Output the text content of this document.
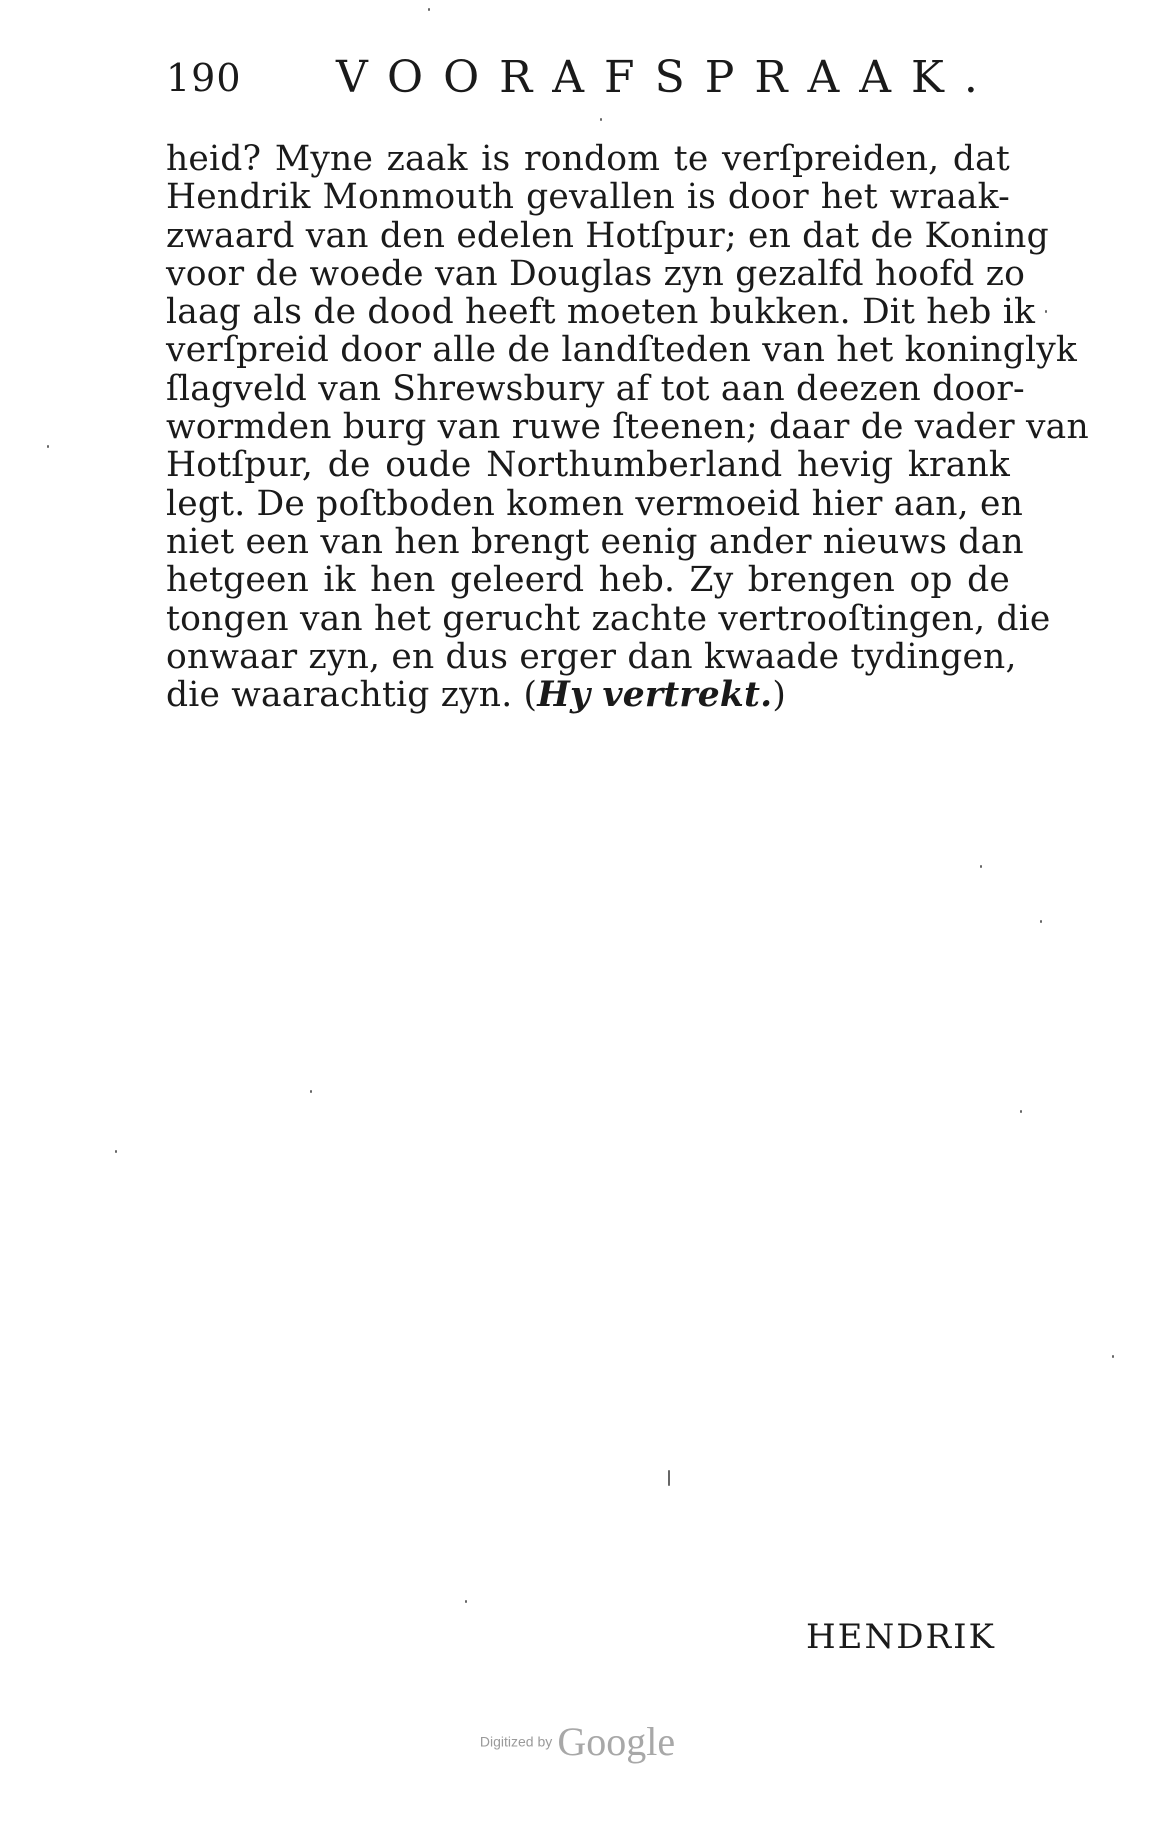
190 VOORAFSPRAAK.
heid? Myne zaak is rondom te verſpreiden, dat
Hendrik Monmouth gevallen is door het wraak-
zwaard van den edelen Hotſpur; en dat de Koning
voor de woede van Douglas zyn gezalfd hoofd zo
laag als de dood heeft moeten bukken. Dit heb ik
verſpreid door alle de landſteden van het koninglyk
ſlagveld van Shrewsbury af tot aan deezen door-
wormden burg van ruwe ſteenen; daar de vader van
Hotſpur, de oude Northumberland hevig krank
legt. De poſtboden komen vermoeid hier aan, en
niet een van hen brengt eenig ander nieuws dan
hetgeen ik hen geleerd heb. Zy brengen op de
tongen van het gerucht zachte vertrooſtingen, die
onwaar zyn, en dus erger dan kwaade tydingen,
die waarachtig zyn. (Hy vertrekt.)
HENDRIK
Digitized by Google
